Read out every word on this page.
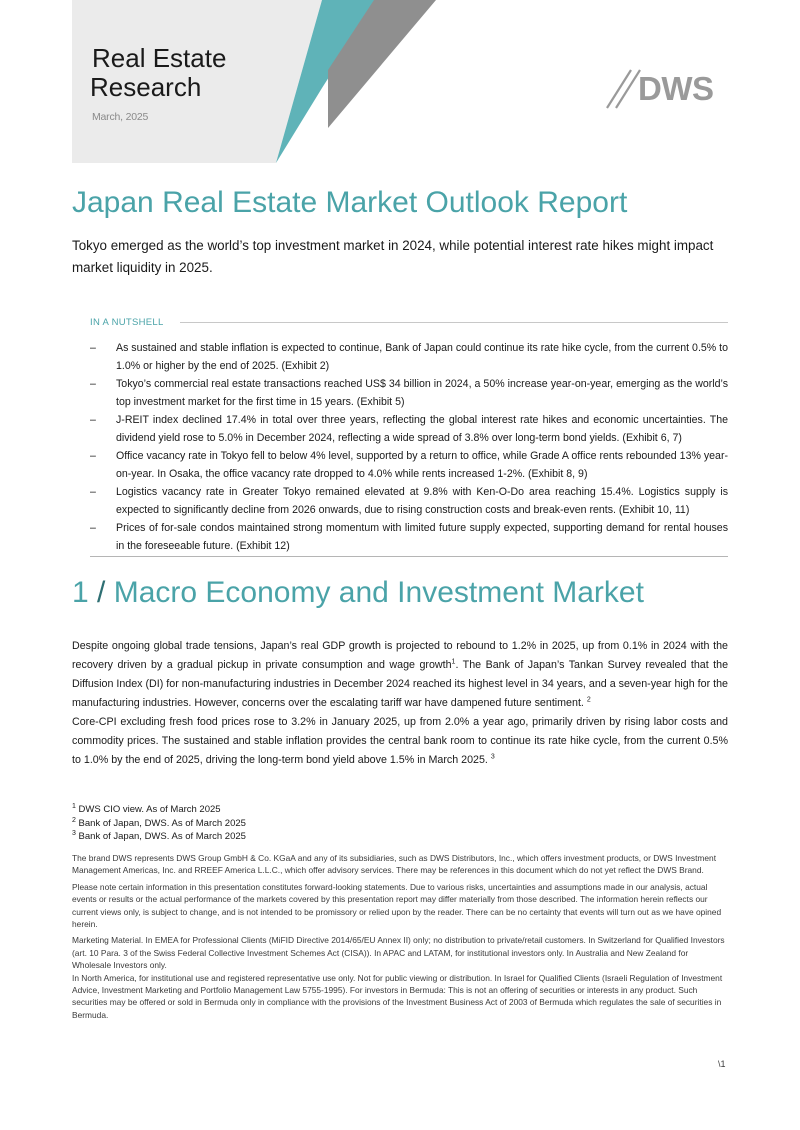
Real Estate
Research
March, 2025
DWS
Japan Real Estate Market Outlook Report
Tokyo emerged as the world’s top investment market in 2024, while potential interest rate hikes might impact market liquidity in 2025.
IN A NUTSHELL
– As sustained and stable inflation is expected to continue, Bank of Japan could continue its rate hike cycle, from the current 0.5% to 1.0% or higher by the end of 2025. (Exhibit 2)
– Tokyo’s commercial real estate transactions reached US$ 34 billion in 2024, a 50% increase year-on-year, emerging as the world’s top investment market for the first time in 15 years. (Exhibit 5)
– J-REIT index declined 17.4% in total over three years, reflecting the global interest rate hikes and economic uncertainties. The dividend yield rose to 5.0% in December 2024, reflecting a wide spread of 3.8% over long-term bond yields. (Exhibit 6, 7)
– Office vacancy rate in Tokyo fell to below 4% level, supported by a return to office, while Grade A office rents rebounded 13% year-on-year. In Osaka, the office vacancy rate dropped to 4.0% while rents increased 1-2%. (Exhibit 8, 9)
– Logistics vacancy rate in Greater Tokyo remained elevated at 9.8% with Ken-O-Do area reaching 15.4%. Logistics supply is expected to significantly decline from 2026 onwards, due to rising construction costs and break-even rents. (Exhibit 10, 11)
– Prices of for-sale condos maintained strong momentum with limited future supply expected, supporting demand for rental houses in the foreseeable future. (Exhibit 12)
1 / Macro Economy and Investment Market

Despite ongoing global trade tensions, Japan’s real GDP growth is projected to rebound to 1.2% in 2025, up from 0.1% in 2024 with the recovery driven by a gradual pickup in private consumption and wage growth$^1$. The Bank of Japan’s Tankan Survey revealed that the Diffusion Index (DI) for non-manufacturing industries in December 2024 reached its highest level in 34 years, and a seven-year high for the manufacturing industries. However, concerns over the escalating tariff war have dampened future sentiment. $^2$

Core-CPI excluding fresh food prices rose to 3.2% in January 2025, up from 2.0% a year ago, primarily driven by rising labor costs and commodity prices. The sustained and stable inflation provides the central bank room to continue its rate hike cycle, from the current 0.5% to 1.0% by the end of 2025, driving the long-term bond yield above 1.5% in March 2025. $^3$

$^1$ DWS CIO view. As of March 2025
$^2$ Bank of Japan, DWS. As of March 2025
$^3$ Bank of Japan, DWS. As of March 2025

The brand DWS represents DWS Group GmbH & Co. KGaA and any of its subsidiaries, such as DWS Distributors, Inc., which offers investment products, or DWS Investment Management Americas, Inc. and RREEF America L.L.C., which offer advisory services. There may be references in this document which do not yet reflect the DWS Brand.

Please note certain information in this presentation constitutes forward-looking statements. Due to various risks, uncertainties and assumptions made in our analysis, actual events or results or the actual performance of the markets covered by this presentation report may differ materially from those described. The information herein reflects our current views only, is subject to change, and is not intended to be promissory or relied upon by the reader. There can be no certainty that events will turn out as we have opined herein.

Marketing Material. In EMEA for Professional Clients (MiFID Directive 2014/65/EU Annex II) only; no distribution to private/retail customers. In Switzerland for Qualified Investors (art. 10 Para. 3 of the Swiss Federal Collective Investment Schemes Act (CISA)). In APAC and LATAM, for institutional investors only. In Australia and New Zealand for Wholesale Investors only.

In North America, for institutional use and registered representative use only. Not for public viewing or distribution. In Israel for Qualified Clients (Israeli Regulation of Investment Advice, Investment Marketing and Portfolio Management Law 5755-1995). For investors in Bermuda: This is not an offering of securities or interests in any product. Such securities may be offered or sold in Bermuda only in compliance with the provisions of the Investment Business Act of 2003 of Bermuda which regulates the sale of securities in Bermuda.

\1
